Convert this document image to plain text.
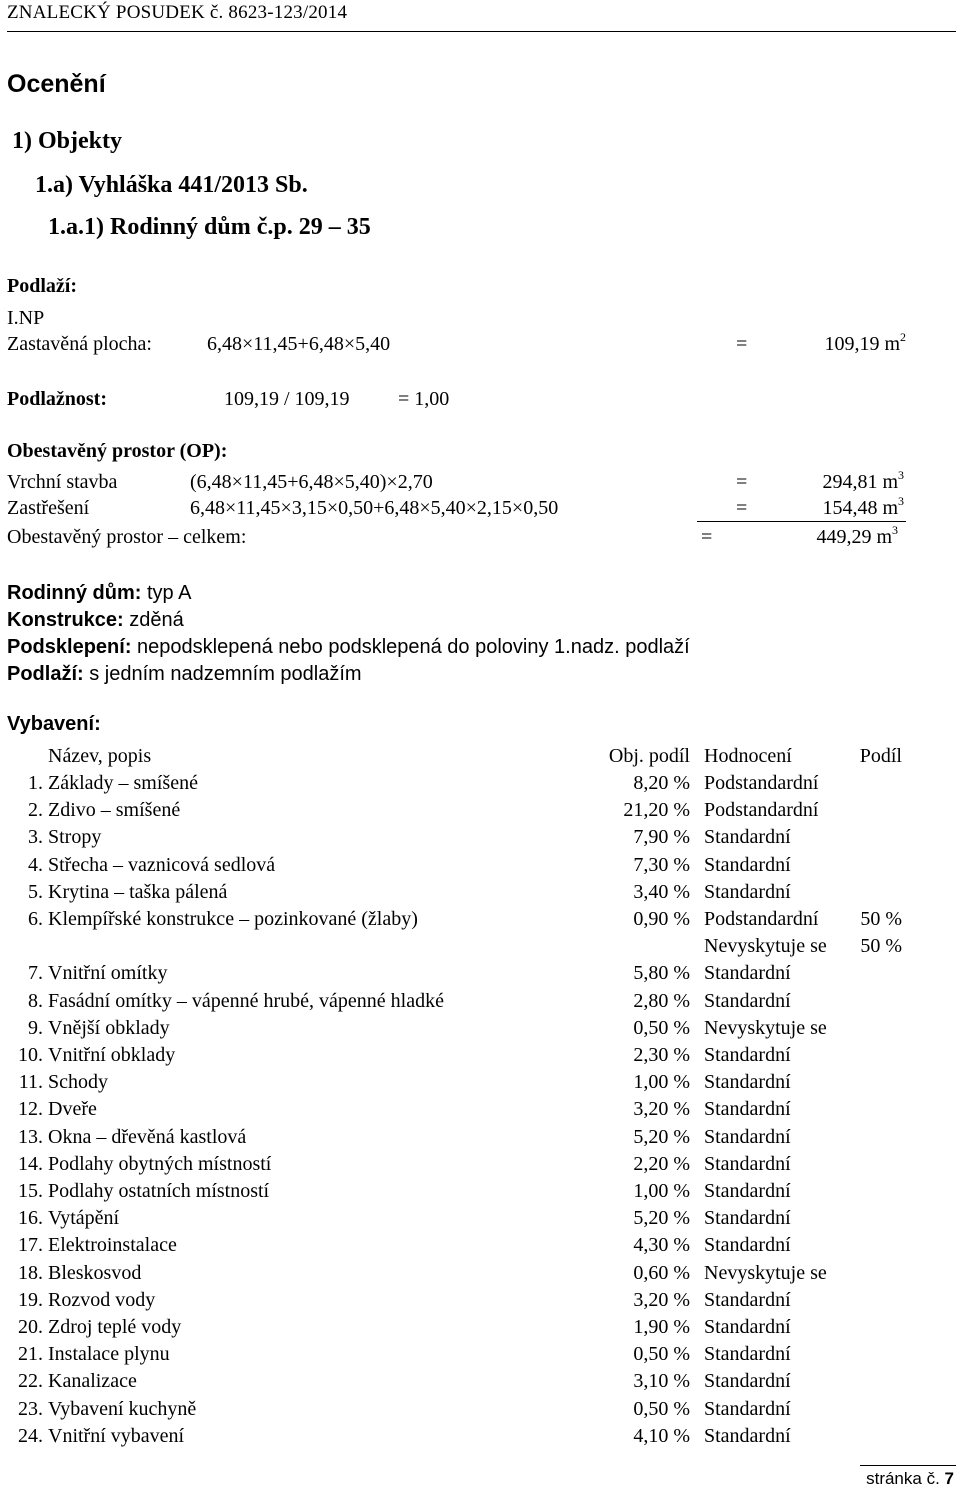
ZNALECKÝ POSUDEK č. 8623-123/2014
Ocenění
1) Objekty
1.a) Vyhláška 441/2013 Sb.
1.a.1) Rodinný dům č.p. 29 – 35
Podlaží:
I.NP
Zastavěná plocha:	6,48×11,45+6,48×5,40	=	109,19 $m^2$
Podlažnost:	109,19 / 109,19 = 1,00
Obestavěný prostor (OP):
Vrchní stavba	(6,48×11,45+6,48×5,40)×2,70	=	294,81 $m^3$
Zastřešení	6,48×11,45×3,15×0,50+6,48×5,40×2,15×0,50	=	154,48 $m^3$
Obestavěný prostor – celkem:	=	449,29 $m^3$
Rodinný dům: typ A
Konstrukce: zděná
Podsklepení: nepodsklepená nebo podsklepená do poloviny 1.nadz. podlaží
Podlaží: s jedním nadzemním podlažím
Vybavení:
Název, popis	Obj. podíl Hodnocení	Podíl
1. Základy – smíšené	8,20 % Podstandardní
2. Zdivo – smíšené	21,20 % Podstandardní
3. Stropy	7,90 % Standardní
4. Střecha – vaznicová sedlová	7,30 % Standardní
5. Krytina – taška pálená	3,40 % Standardní
6. Klempířské konstrukce – pozinkované (žlaby)	0,90 % Podstandardní 50 %
Nevyskytuje se 50 %
7. Vnitřní omítky	5,80 % Standardní
8. Fasádní omítky – vápenné hrubé, vápenné hladké	2,80 % Standardní
9. Vnější obklady	0,50 % Nevyskytuje se
10. Vnitřní obklady	2,30 % Standardní
11. Schody	1,00 % Standardní
12. Dveře	3,20 % Standardní
13. Okna – dřevěná kastlová	5,20 % Standardní
14. Podlahy obytných místností	2,20 % Standardní
15. Podlahy ostatních místností	1,00 % Standardní
16. Vytápění	5,20 % Standardní
17. Elektroinstalace	4,30 % Standardní
18. Bleskosvod	0,60 % Nevyskytuje se
19. Rozvod vody	3,20 % Standardní
20. Zdroj teplé vody	1,90 % Standardní
21. Instalace plynu	0,50 % Standardní
22. Kanalizace	3,10 % Standardní
23. Vybavení kuchyně	0,50 % Standardní
24. Vnitřní vybavení	4,10 % Standardní
stránka č. 7
